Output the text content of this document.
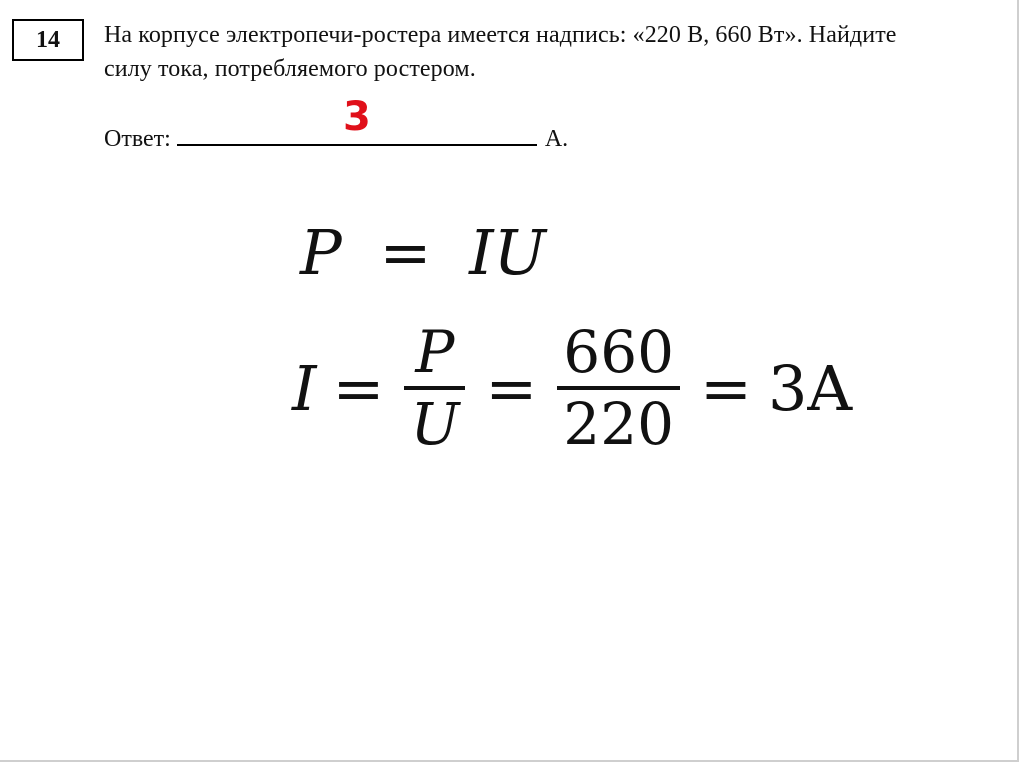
14	На корпусе электропечи-ростера имеется надпись: «220 В, 660 Вт». Найдите
силу тока, потребляемого ростером.
Ответ:	А.
3
P = IU
$I = \frac{P}{U} = \frac{660}{220} = 3A$
